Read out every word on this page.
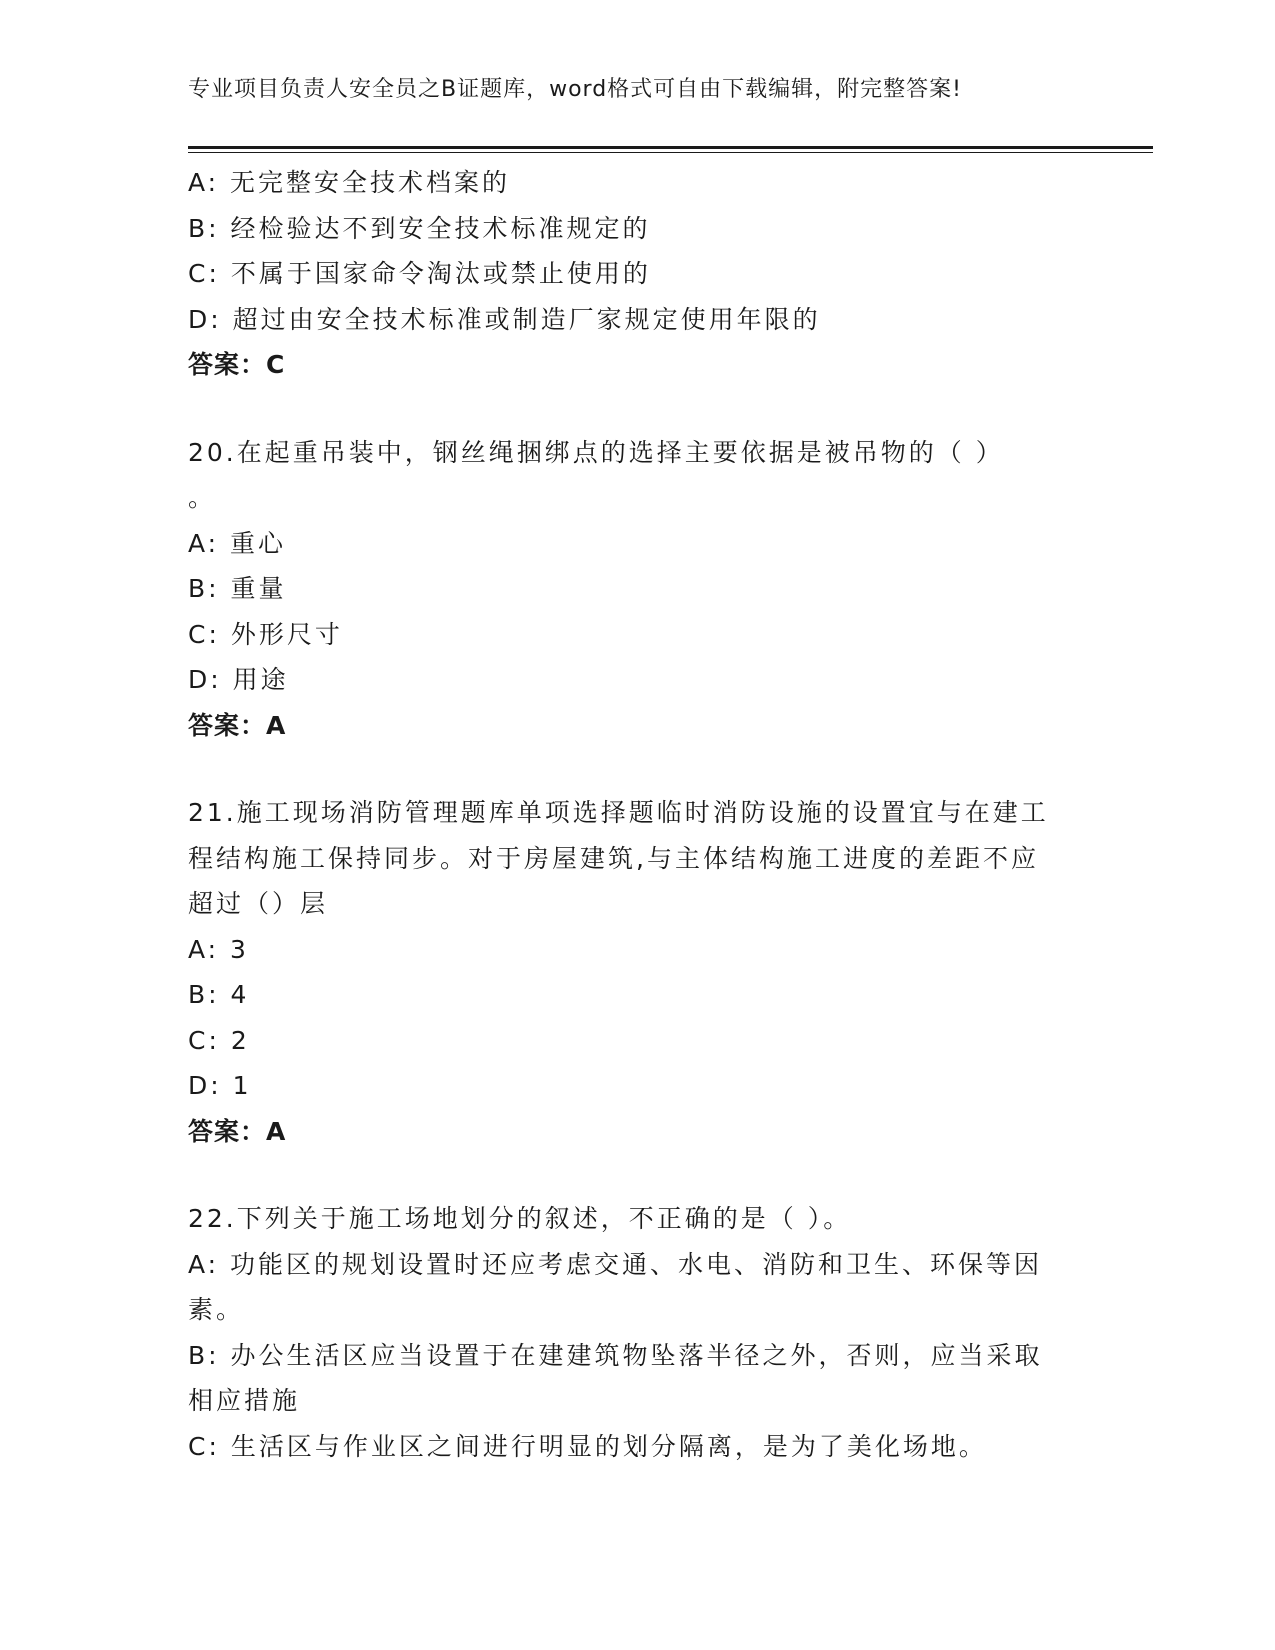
专业项目负责人安全员之B证题库，word格式可自由下载编辑，附完整答案!
A: 无完整安全技术档案的
B: 经检验达不到安全技术标准规定的
C: 不属于国家命令淘汰或禁止使用的
D: 超过由安全技术标准或制造厂家规定使用年限的
答案：C
20.在起重吊装中，钢丝绳捆绑点的选择主要依据是被吊物的（ ）
。
A: 重心
B: 重量
C: 外形尺寸
D: 用途
答案：A
21.施工现场消防管理题库单项选择题临时消防设施的设置宜与在建工
程结构施工保持同步。对于房屋建筑,与主体结构施工进度的差距不应
超过（）层
A: 3
B: 4
C: 2
D: 1
答案：A
22.下列关于施工场地划分的叙述，不正确的是（ ）。
A: 功能区的规划设置时还应考虑交通、水电、消防和卫生、环保等因
素。
B: 办公生活区应当设置于在建建筑物坠落半径之外，否则，应当采取
相应措施
C: 生活区与作业区之间进行明显的划分隔离，是为了美化场地。
